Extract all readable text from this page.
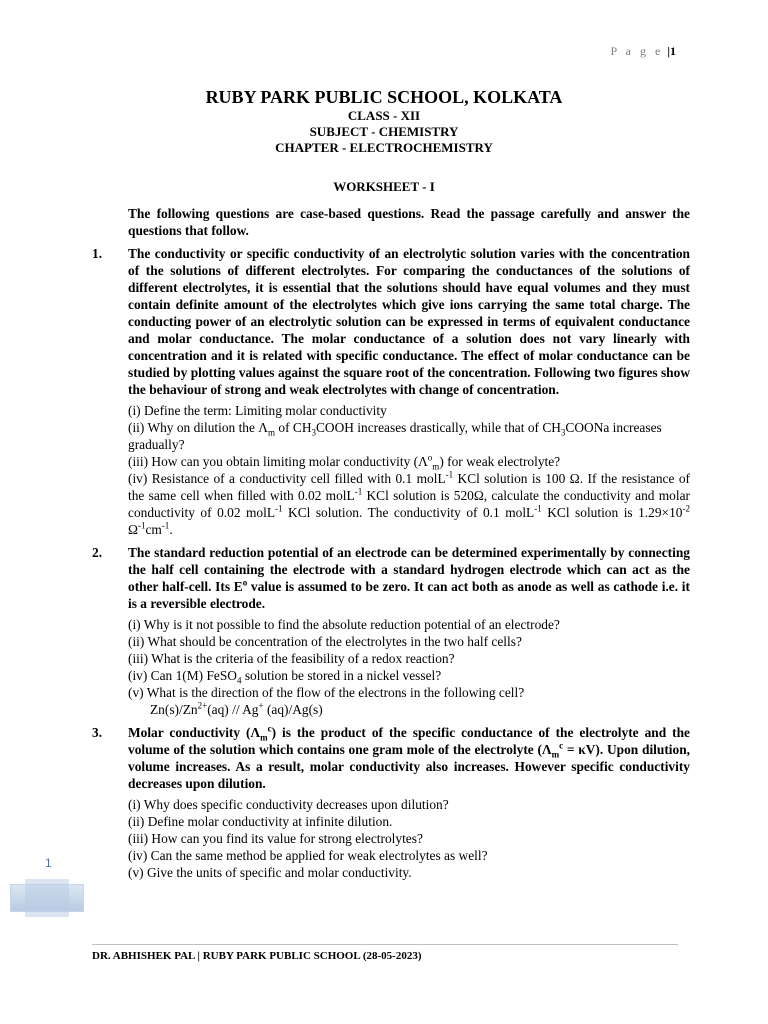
P a g e |1
RUBY PARK PUBLIC SCHOOL, KOLKATA
CLASS - XII
SUBJECT - CHEMISTRY
CHAPTER - ELECTROCHEMISTRY
WORKSHEET - I
The following questions are case-based questions. Read the passage carefully and answer the questions that follow.
1.	The conductivity or specific conductivity of an electrolytic solution varies with the concentration of the solutions of different electrolytes. For comparing the conductances of the solutions of different electrolytes, it is essential that the solutions should have equal volumes and they must contain definite amount of the electrolytes which give ions carrying the same total charge. The conducting power of an electrolytic solution can be expressed in terms of equivalent conductance and molar conductance. The molar conductance of a solution does not vary linearly with concentration and it is related with specific conductance. The effect of molar conductance can be studied by plotting values against the square root of the concentration. Following two figures show the behaviour of strong and weak electrolytes with change of concentration.
(i) Define the term: Limiting molar conductivity
(ii) Why on dilution the $\Lambda_m$ of $CH_3COOH$ increases drastically, while that of $CH_3COONa$ increases gradually?
(iii) How can you obtain limiting molar conductivity $(\Lambda^o_m)$ for weak electrolyte?
(iv) Resistance of a conductivity cell filled with 0.1 molL$^{-1}$ KCl solution is 100 Ω. If the resistance of the same cell when filled with 0.02 molL$^{-1}$ KCl solution is 520Ω, calculate the conductivity and molar conductivity of 0.02 molL$^{-1}$ KCl solution. The conductivity of 0.1 molL$^{-1}$ KCl solution is $1.29\times 10^{-2}$ $\Omega^{-1}cm^{-1}$.
2.	The standard reduction potential of an electrode can be determined experimentally by connecting the half cell containing the electrode with a standard hydrogen electrode which can act as the other half-cell. Its $E^o$ value is assumed to be zero. It can act both as anode as well as cathode i.e. it is a reversible electrode.
(i) Why is it not possible to find the absolute reduction potential of an electrode?
(ii) What should be concentration of the electrolytes in the two half cells?
(iii) What is the criteria of the feasibility of a redox reaction?
(iv) Can 1(M) FeSO$_4$ solution be stored in a nickel vessel?
(v) What is the direction of the flow of the electrons in the following cell?
$Zn(s)/Zn^{2+}(aq) // Ag^+$ (aq)/Ag(s)
3.	Molar conductivity $(\Lambda_m^c)$ is the product of the specific conductance of the electrolyte and the volume of the solution which contains one gram mole of the electrolyte $(\Lambda_m^c = \kappa V)$. Upon dilution, volume increases. As a result, molar conductivity also increases. However specific conductivity decreases upon dilution.
(i) Why does specific conductivity decreases upon dilution?
(ii) Define molar conductivity at infinite dilution.
(iii) How can you find its value for strong electrolytes?
(iv) Can the same method be applied for weak electrolytes as well?
(v) Give the units of specific and molar conductivity.
1
DR. ABHISHEK PAL | RUBY PARK PUBLIC SCHOOL (28-05-2023)
